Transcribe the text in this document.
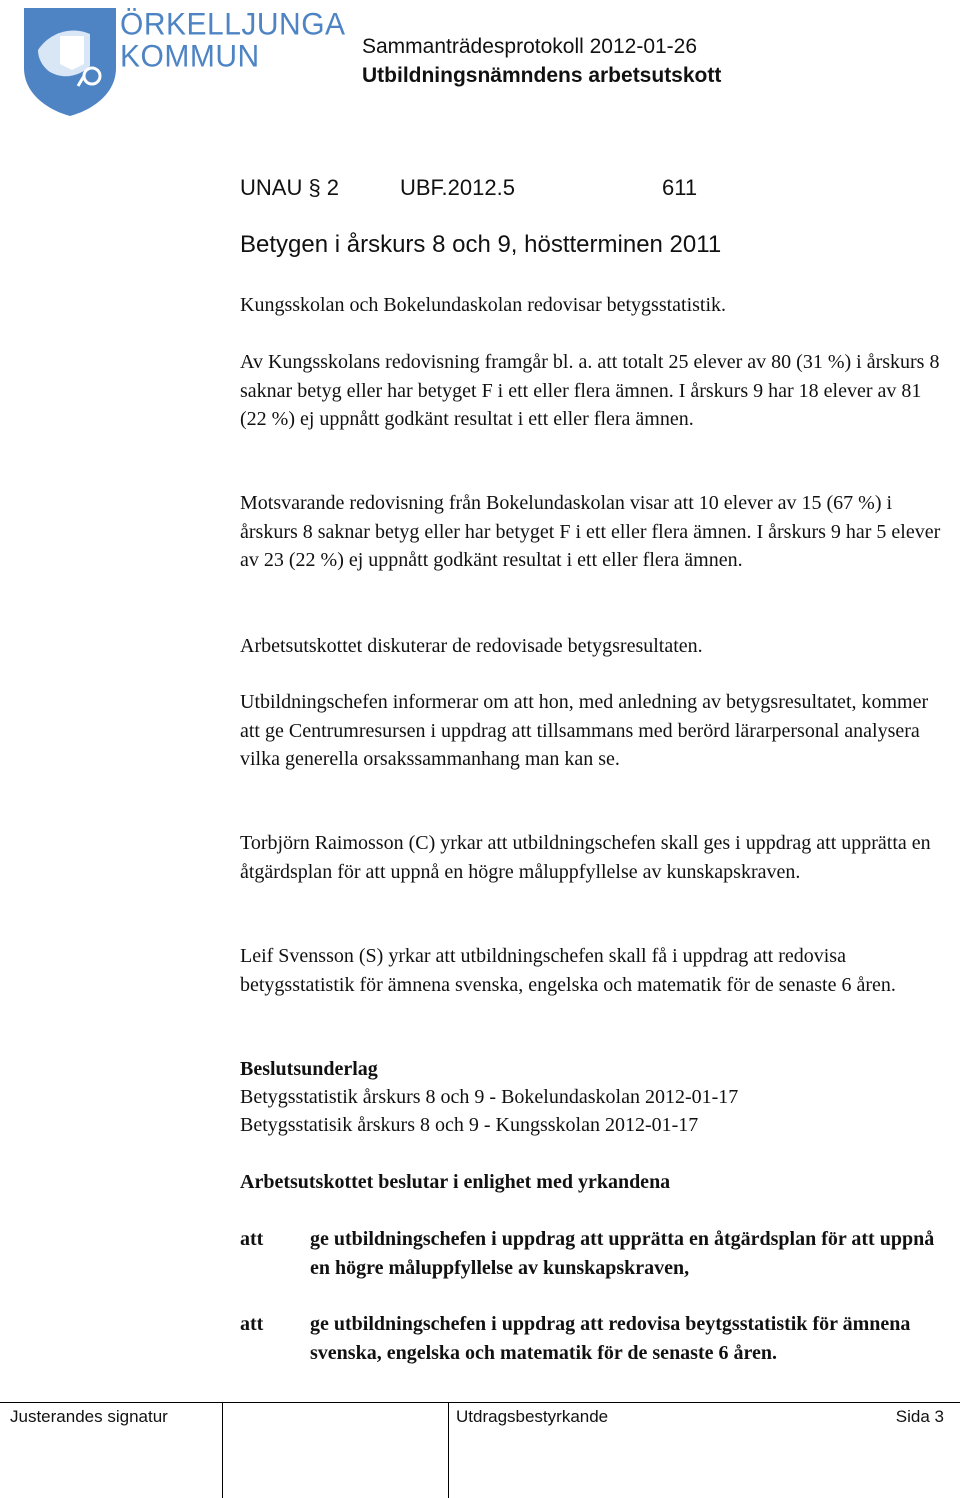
ÖRKELLJUNGA
KOMMUN	Sammanträdesprotokoll 2012-01-26
Utbildningsnämndens arbetsutskott
UNAU § 2	UBF.2012.5	611
Betygen i årskurs 8 och 9, höstterminen 2011
Kungsskolan och Bokelundaskolan redovisar betygsstatistik.
Av Kungsskolans redovisning framgår bl. a. att totalt 25 elever av 80 (31 %) i årskurs 8 saknar betyg eller har betyget F i ett eller flera ämnen. I årskurs 9 har 18 elever av 81 (22 %) ej uppnått godkänt resultat i ett eller flera ämnen.
Motsvarande redovisning från Bokelundaskolan visar att 10 elever av 15 (67 %) i årskurs 8 saknar betyg eller har betyget F i ett eller flera ämnen. I årskurs 9 har 5 elever av 23 (22 %) ej uppnått godkänt resultat i ett eller flera ämnen.
Arbetsutskottet diskuterar de redovisade betygsresultaten.
Utbildningschefen informerar om att hon, med anledning av betygsresultatet, kommer att ge Centrumresursen i uppdrag att tillsammans med berörd lärarpersonal analysera vilka generella orsakssammanhang man kan se.
Torbjörn Raimosson (C) yrkar att utbildningschefen skall ges i uppdrag att upprätta en åtgärdsplan för att uppnå en högre måluppfyllelse av kunskapskraven.
Leif Svensson (S) yrkar att utbildningschefen skall få i uppdrag att redovisa betygsstatistik för ämnena svenska, engelska och matematik för de senaste 6 åren.
Beslutsunderlag
Betygsstatistik årskurs 8 och 9 - Bokelundaskolan 2012-01-17
Betygsstatisik årskurs 8 och 9 - Kungsskolan 2012-01-17
Arbetsutskottet beslutar i enlighet med yrkandena
att ge utbildningschefen i uppdrag att upprätta en åtgärdsplan för att uppnå en högre måluppfyllelse av kunskapskraven,
att ge utbildningschefen i uppdrag att redovisa beytgsstatistik för ämnena svenska, engelska och matematik för de senaste 6 åren.
Justerandes signatur	Utdragsbestyrkande	Sida 3
